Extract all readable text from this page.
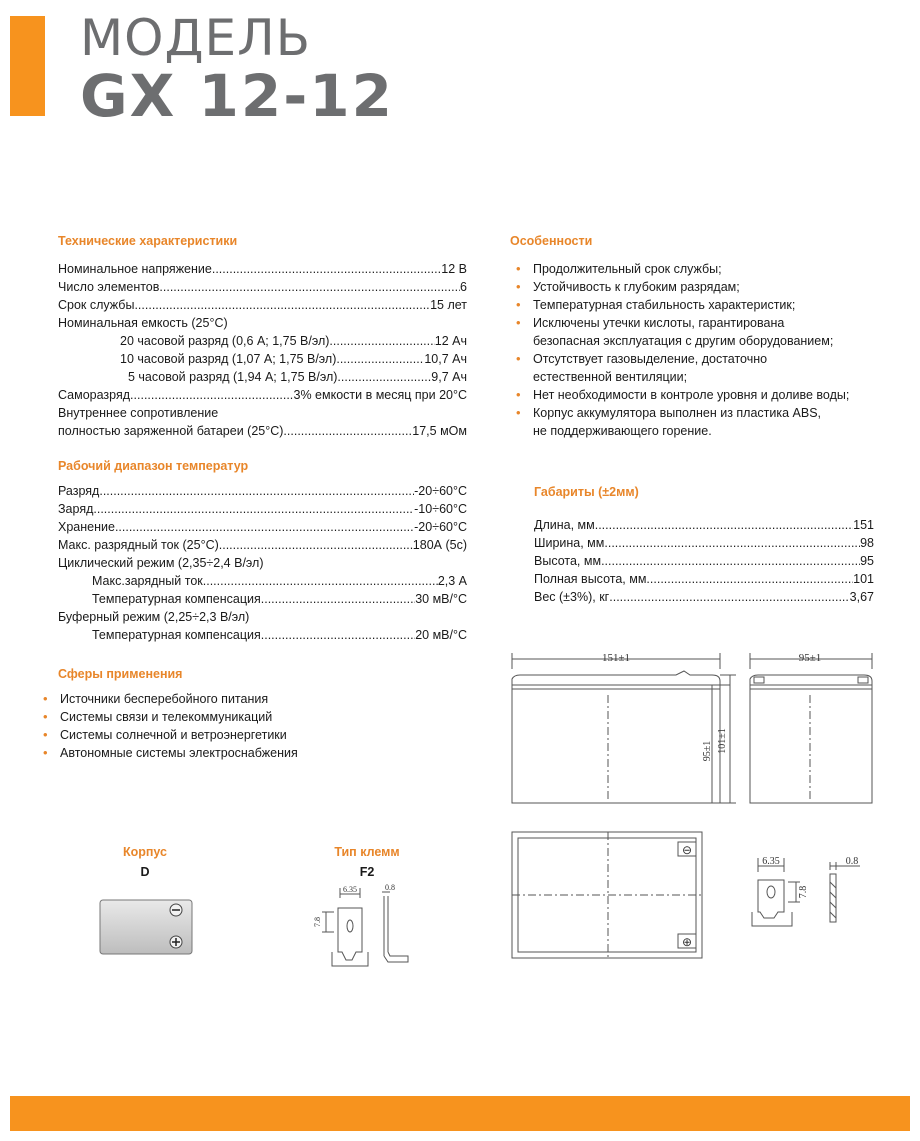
МОДЕЛЬ
GX 12-12
Технические характеристики
Номинальное напряжение .....	12 В
Число элементов .....	6
Срок службы .....	15 лет
Номинальная емкость (25°С)
20 часовой разряд (0,6 А; 1,75 В/эл) .....	12 Ач
10 часовой разряд (1,07 А; 1,75 В/эл) .....	10,7 Ач
5 часовой разряд (1,94 А; 1,75 В/эл) .....	9,7 Ач
Саморазряд .....	3% емкости в месяц при 20°С
Внутреннее сопротивление
полностью заряженной батареи (25°С) .....	17,5 мОм
Рабочий диапазон температур
Разряд .....	-20÷60°С
Заряд .....	-10÷60°С
Хранение .....	-20÷60°С
Макс. разрядный ток (25°С) .....	180А (5с)
Циклический режим (2,35÷2,4 В/эл)
Макс.зарядный ток .....	2,3 А
Температурная компенсация .....	30 мВ/°С
Буферный режим (2,25÷2,3 В/эл)
Температурная компенсация .....	20 мВ/°С
Сферы применения
• Источники бесперебойного питания
• Системы связи и телекоммуникаций
• Системы солнечной и ветроэнергетики
• Автономные системы электроснабжения
Особенности
• Продолжительный срок службы;
• Устойчивость к глубоким разрядам;
• Температурная стабильность характеристик;
• Исключены утечки кислоты, гарантирована
безопасная эксплуатация с другим оборудованием;
• Отсутствует газовыделение, достаточно
естественной вентиляции;
• Нет необходимости в контроле уровня и доливе воды;
• Корпус аккумулятора выполнен из пластика ABS,
не поддерживающего горение.
Габариты (±2мм)
Длина, мм .....	151
Ширина, мм .....	98
Высота, мм .....	95
Полная высота, мм .....	101
Вес (±3%), кг .....	3,67
151±1
95±1 101±1
95±1
⊖
⊕
6.35
7.8
0.8
Корпус
D
Тип клемм
F2
6.35
7.8
0.8
